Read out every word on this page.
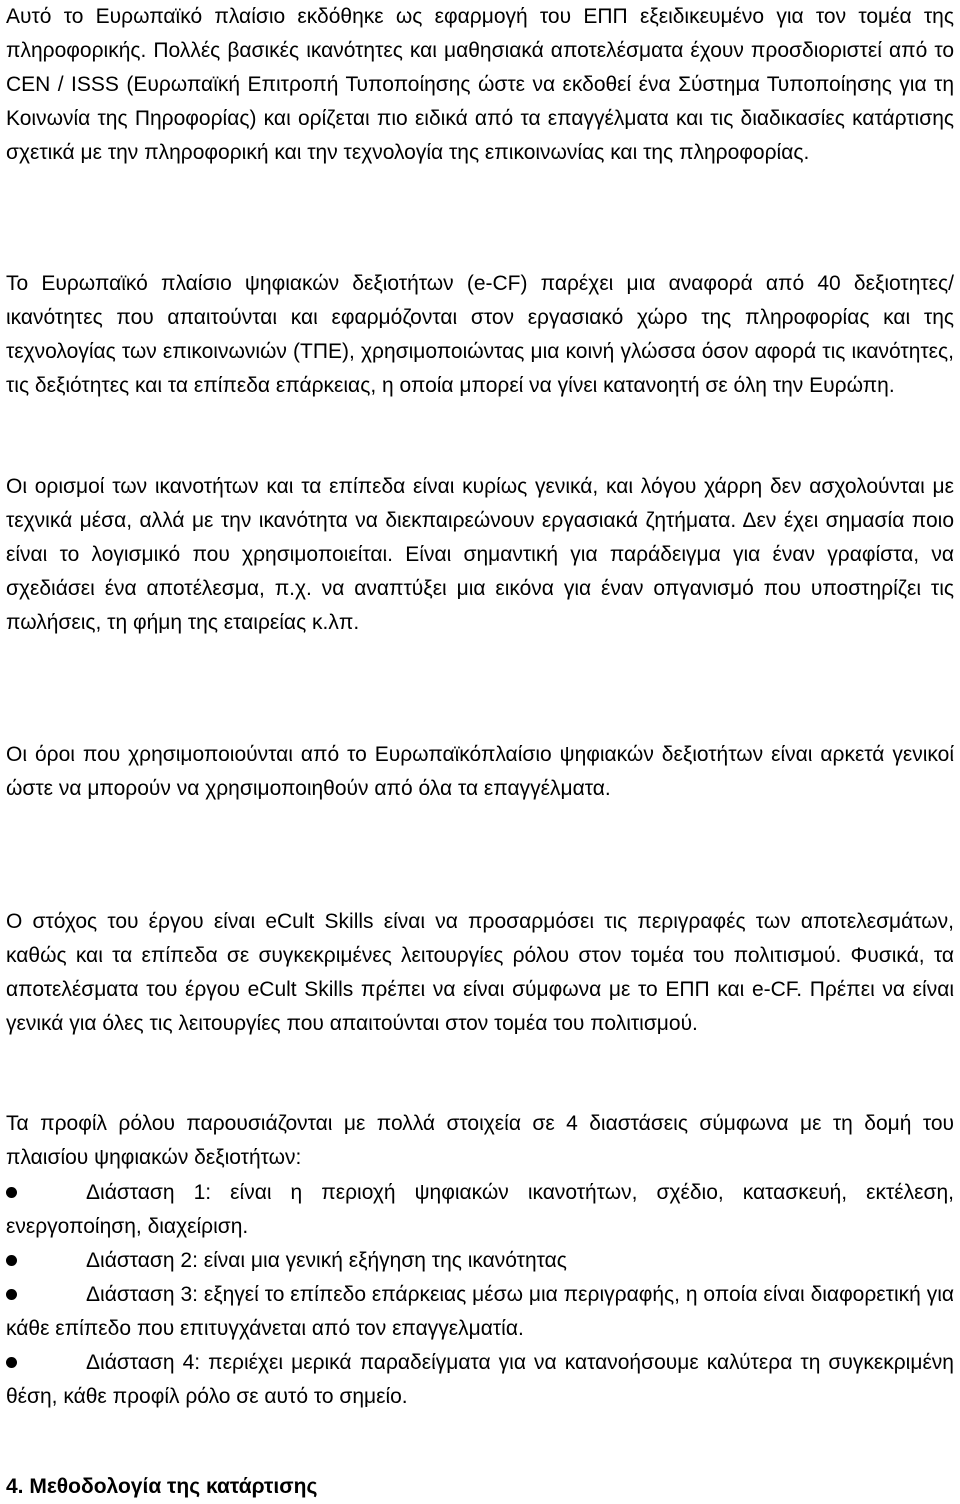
Αυτό το Ευρωπαϊκό πλαίσιο εκδόθηκε ως εφαρμογή του ΕΠΠ εξειδικευμένο για τον τομέα της πληροφορικής. Πολλές βασικές ικανότητες και μαθησιακά αποτελέσματα έχουν προσδιοριστεί από το CEN / ISSS (Ευρωπαϊκή Επιτροπή Τυποποίησης ώστε να εκδοθεί ένα Σύστημα Τυποποίησης για τη Κοινωνία της Πηροφορίας) και ορίζεται πιο ειδικά από τα επαγγέλματα και τις διαδικασίες κατάρτισης σχετικά με την πληροφορική και την τεχνολογία της επικοινωνίας και της πληροφορίας.

Το Ευρωπαϊκό πλαίσιο ψηφιακών δεξιοτήτων (e-CF) παρέχει μια αναφορά από 40 δεξιοτητες/ ικανότητες που απαιτούνται και εφαρμόζονται στον εργασιακό χώρο της πληροφορίας και της τεχνολογίας των επικοινωνιών (ΤΠΕ), χρησιμοποιώντας μια κοινή γλώσσα όσον αφορά τις ικανότητες, τις δεξιότητες και τα επίπεδα επάρκειας, η οποία μπορεί να γίνει κατανοητή σε όλη την Ευρώπη.

Οι ορισμοί των ικανοτήτων και τα επίπεδα είναι κυρίως γενικά, και λόγου χάρρη δεν ασχολούνται με τεχνικά μέσα, αλλά με την ικανότητα να διεκπαιρεώνουν εργασιακά ζητήματα. Δεν έχει σημασία ποιο είναι το λογισμικό που χρησιμοποιείται. Είναι σημαντική για παράδειγμα για έναν γραφίστα, να σχεδιάσει ένα αποτέλεσμα, π.χ. να αναπτύξει μια εικόνα για έναν οπγανισμό που υποστηρίζει τις πωλήσεις, τη φήμη της εταιρείας κ.λπ.

Οι όροι που χρησιμοποιούνται από το Ευρωπαϊκόπλαίσιο ψηφιακών δεξιοτήτων είναι αρκετά γενικοί ώστε να μπορούν να χρησιμοποιηθούν από όλα τα επαγγέλματα.

Ο στόχος του έργου είναι eCult Skills είναι να προσαρμόσει τις περιγραφές των αποτελεσμάτων, καθώς και τα επίπεδα σε συγκεκριμένες λειτουργίες ρόλου στον τομέα του πολιτισμού. Φυσικά, τα αποτελέσματα του έργου eCult Skills πρέπει να είναι σύμφωνα με το ΕΠΠ και e-CF. Πρέπει να είναι γενικά για όλες τις λειτουργίες που απαιτούνται στον τομέα του πολιτισμού.

Τα προφίλ ρόλου παρουσιάζονται με πολλά στοιχεία σε 4 διαστάσεις σύμφωνα με τη δομή του πλαισίου ψηφιακών δεξιοτήτων:

Διάσταση 1: είναι η περιοχή ψηφιακών ικανοτήτων, σχέδιο, κατασκευή, εκτέλεση, ενεργοποίηση, διαχείριση.
Διάσταση 2: είναι μια γενική εξήγηση της ικανότητας
Διάσταση 3: εξηγεί το επίπεδο επάρκειας μέσω μια περιγραφής, η οποία είναι διαφορετική για κάθε επίπεδο που επιτυγχάνεται από τον επαγγελματία.
Διάσταση 4: περιέχει μερικά παραδείγματα για να κατανοήσουμε καλύτερα τη συγκεκριμένη θέση, κάθε προφίλ ρόλο σε αυτό το σημείο.
4. Μεθοδολογία της κατάρτισης
